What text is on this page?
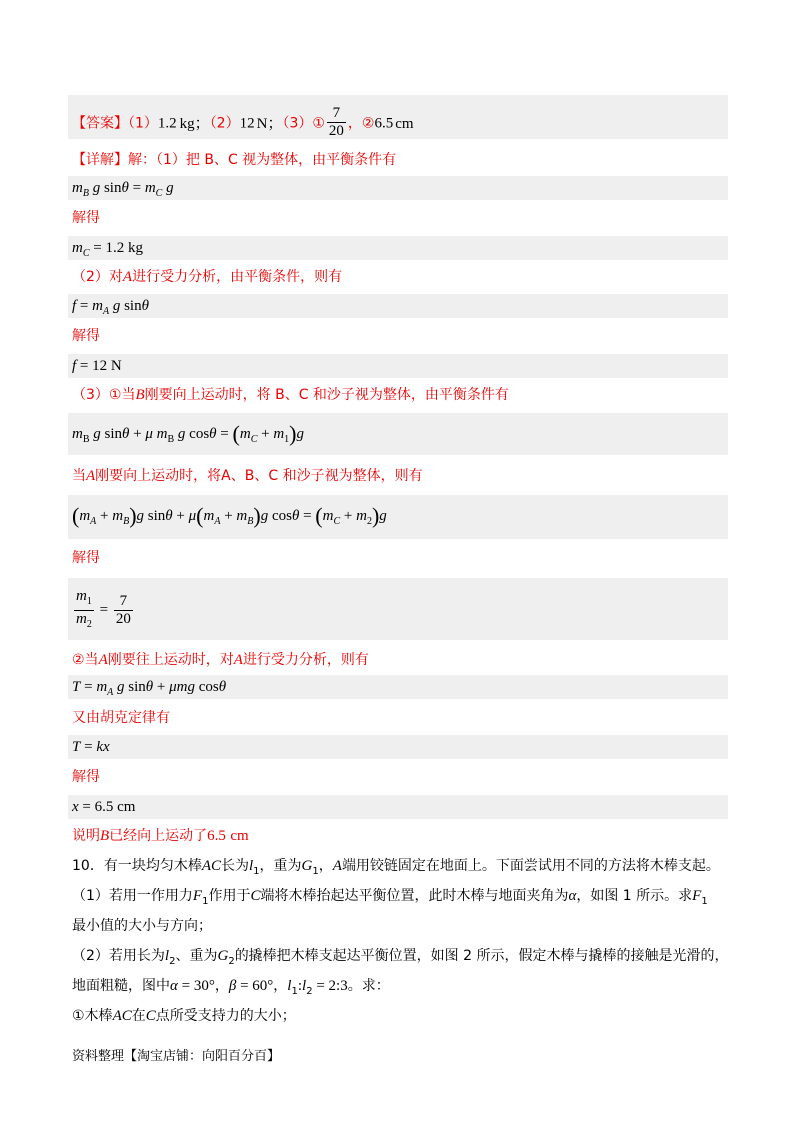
【答案】（1）1.2 kg；（2）12 N；（3）① $\frac{7}{20}$ ，②6.5 cm
【详解】解：（1）把 B、C 视为整体，由平衡条件有
$m_B$ g $\sin\theta = m_C$ g
解得
$m_C = 1.2$ kg
（2）对A进行受力分析，由平衡条件，则有
$f = m_A$ g sinθ
解得
f = 12 N
（3）①当B刚要向上运动时，将 B、C 和沙子视为整体，由平衡条件有
$m_B$ g sinθ + μ $m_B$ g $\cos\theta = (m_C + m_1)g$
当A刚要向上运动时，将A、B、C 和沙子视为整体，则有
$(m_A + m_B)g$ $\sin\theta + \mu(m_A + m_B)g$ $\cos\theta = (m_C + m_2)g$
解得
$\frac{m_1}{m_2} = \frac{7}{20}$
②当A刚要往上运动时，对A进行受力分析，则有
$T = m_A$ g sinθ + μmg cosθ
又由胡克定律有
T = kx
解得
x = 6.5 cm
说明B已经向上运动了6.5 cm
10．有一块均匀木棒AC长为$l_1$，重为$G_1$，A端用铰链固定在地面上。下面尝试用不同的方法将木棒支起。
（1）若用一作用力$F_1$作用于C端将木棒抬起达平衡位置，此时木棒与地面夹角为α，如图 1 所示。求$F_1$
最小值的大小与方向；
（2）若用长为$l_2$、重为$G_2$的撬棒把木棒支起达平衡位置，如图 2 所示，假定木棒与撬棒的接触是光滑的，
地面粗糙，图中α = 30°，β = 60°，$l_1:l_2$ = 2:3。求：
①木棒AC在C点所受支持力的大小；
资料整理【淘宝店铺：向阳百分百】
